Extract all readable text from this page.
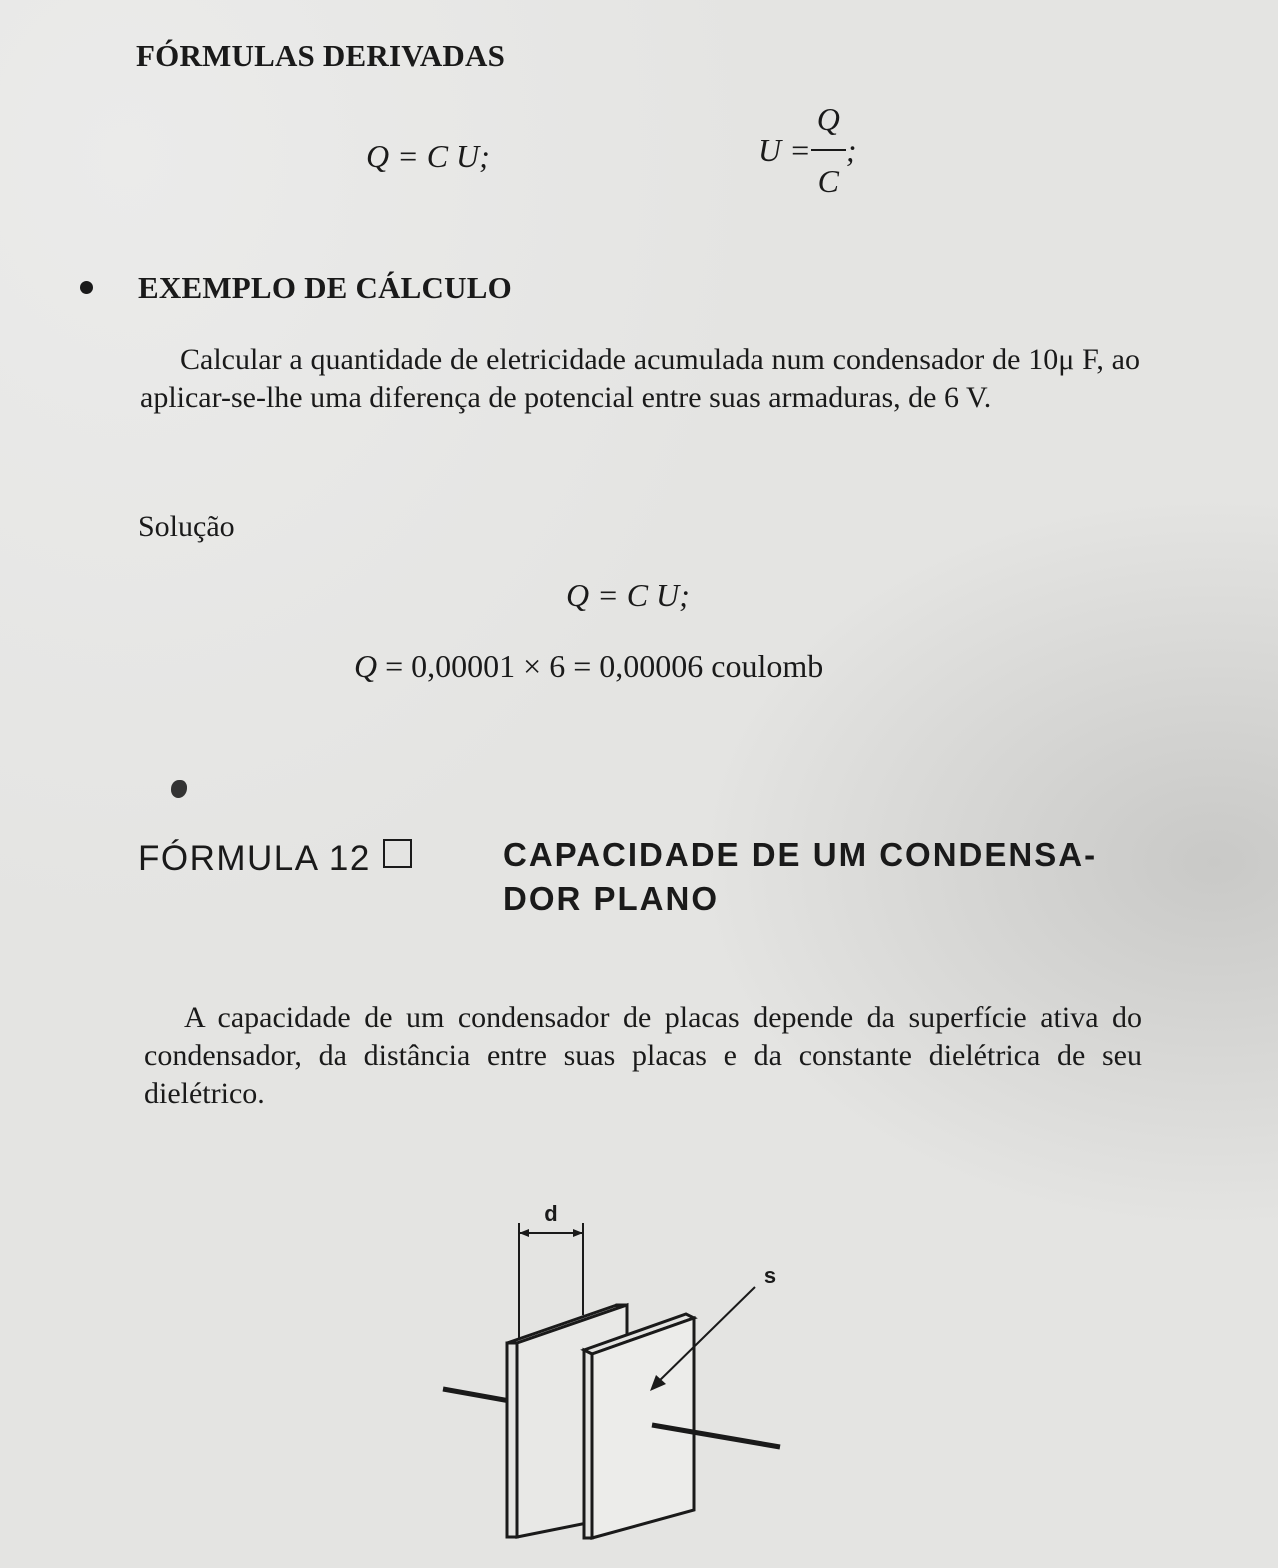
FÓRMULAS DERIVADAS
Q = C U;	$U = \frac{Q}{C}$ ;
EXEMPLO DE CÁLCULO
Calcular a quantidade de eletricidade acumulada num condensador de 10μ F, ao aplicar-se-lhe uma diferença de potencial entre suas armaduras, de 6 V.
Solução
Q = C U;
Q = 0,00001 × 6 = 0,00006 coulomb
FÓRMULA 12	CAPACIDADE DE UM CONDENSA-
DOR PLANO
A capacidade de um condensador de placas depende da superfície ativa do condensador, da distância entre suas placas e da constante dielétrica de seu dielétrico.
d
s
